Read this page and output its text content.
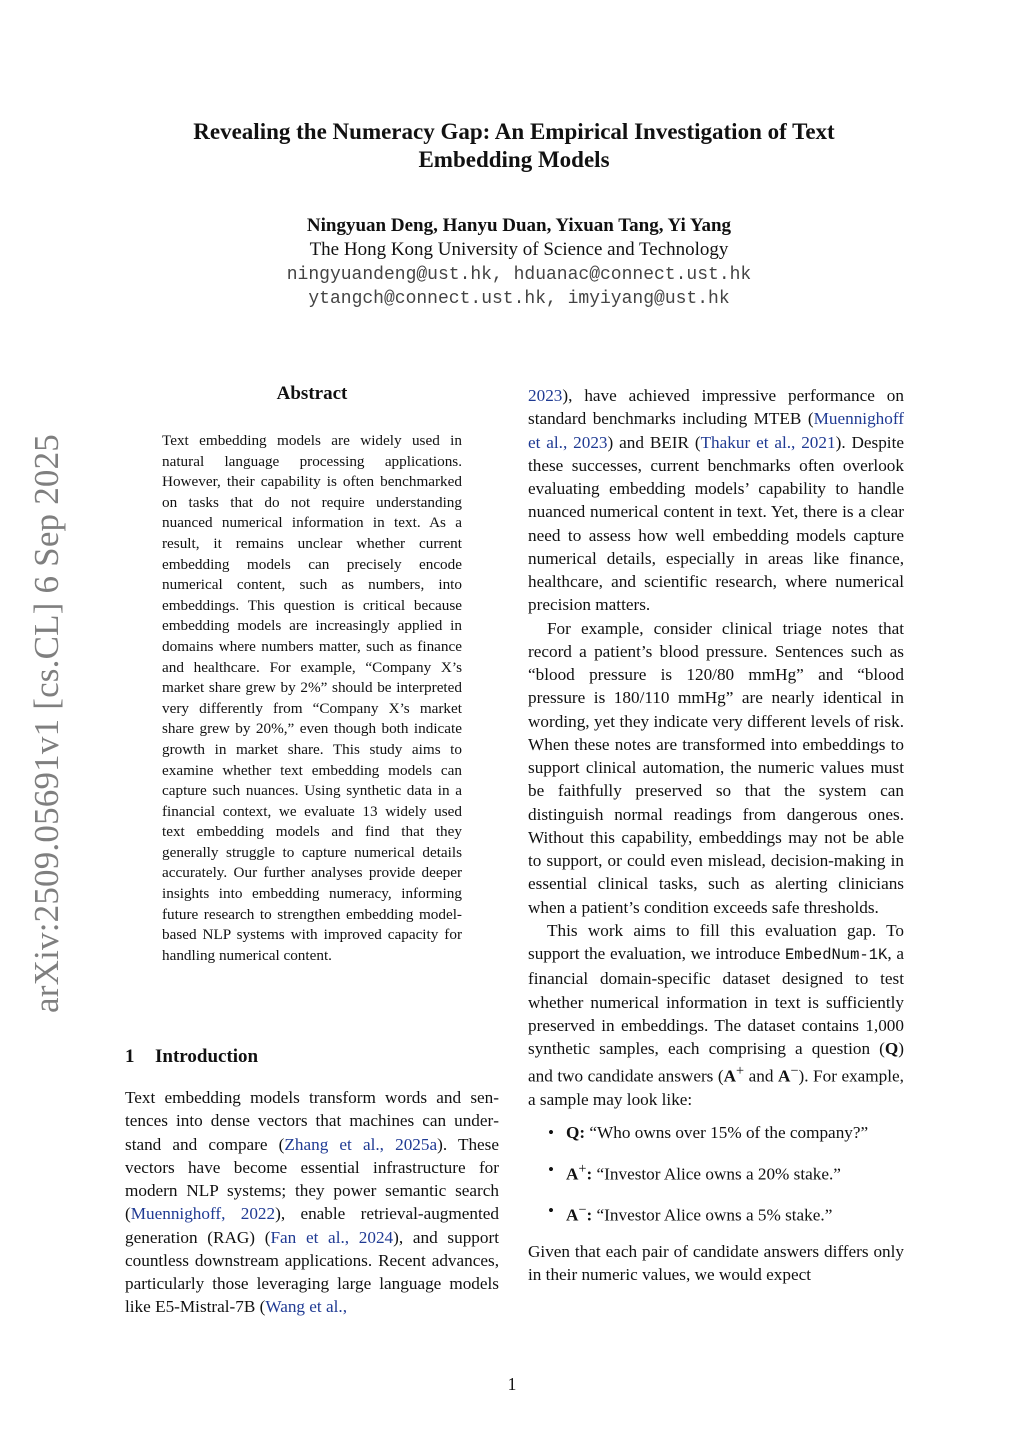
arXiv:2509.05691v1 [cs.CL] 6 Sep 2025
Revealing the Numeracy Gap: An Empirical Investigation of Text
Embedding Models
Ningyuan Deng, Hanyu Duan, Yixuan Tang, Yi Yang
The Hong Kong University of Science and Technology
ningyuandeng@ust.hk, hduanac@connect.ust.hk
ytangch@connect.ust.hk, imyiyang@ust.hk
Abstract
Text embedding models are widely used in natural language processing applications. However, their capability is often benchmarked on tasks that do not require understanding nuanced numerical information in text. As a result, it remains unclear whether current embedding models can precisely encode numerical content, such as numbers, into embeddings. This question is critical because embedding models are increasingly applied in domains where numbers matter, such as finance and healthcare. For example, “Company X’s market share grew by 2%” should be interpreted very differently from “Company X’s market share grew by 20%,” even though both indicate growth in market share. This study aims to examine whether text embedding models can capture such nuances. Using synthetic data in a financial context, we evaluate 13 widely used text embedding models and find that they generally struggle to capture numerical details accurately. Our further analyses provide deeper insights into embedding numeracy, informing future research to strengthen embedding model-based NLP systems with improved capacity for handling numerical content.
1 Introduction

Text embedding models transform words and sentences into dense vectors that machines can understand and compare (Zhang et al., 2025a). These vectors have become essential infrastructure for modern NLP systems; they power semantic search (Muennighoff, 2022), enable retrieval-augmented generation (RAG) (Fan et al., 2024), and support countless downstream applications. Recent advances, particularly those leveraging large language models like E5-Mistral-7B (Wang et al.,

2023), have achieved impressive performance on standard benchmarks including MTEB (Muennighoff et al., 2023) and BEIR (Thakur et al., 2021). Despite these successes, current benchmarks often overlook evaluating embedding models’ capability to handle nuanced numerical content in text. Yet, there is a clear need to assess how well embedding models capture numerical details, especially in areas like finance, healthcare, and scientific research, where numerical precision matters.

For example, consider clinical triage notes that record a patient’s blood pressure. Sentences such as “blood pressure is 120/80 mmHg” and “blood pressure is 180/110 mmHg” are nearly identical in wording, yet they indicate very different levels of risk. When these notes are transformed into embeddings to support clinical automation, the numeric values must be faithfully preserved so that the system can distinguish normal readings from dangerous ones. Without this capability, embeddings may not be able to support, or could even mislead, decision-making in essential clinical tasks, such as alerting clinicians when a patient’s condition exceeds safe thresholds.

This work aims to fill this evaluation gap. To support the evaluation, we introduce EmbedNum-1K, a financial domain-specific dataset designed to test whether numerical information in text is sufficiently preserved in embeddings. The dataset contains 1,000 synthetic samples, each comprising a question (Q) and two candidate answers (A+ and A−). For example, a sample may look like:

• Q: “Who owns over 15% of the company?”
• A+: “Investor Alice owns a 20% stake.”
• A−: “Investor Alice owns a 5% stake.”

Given that each pair of candidate answers differs only in their numeric values, we would expect

1
